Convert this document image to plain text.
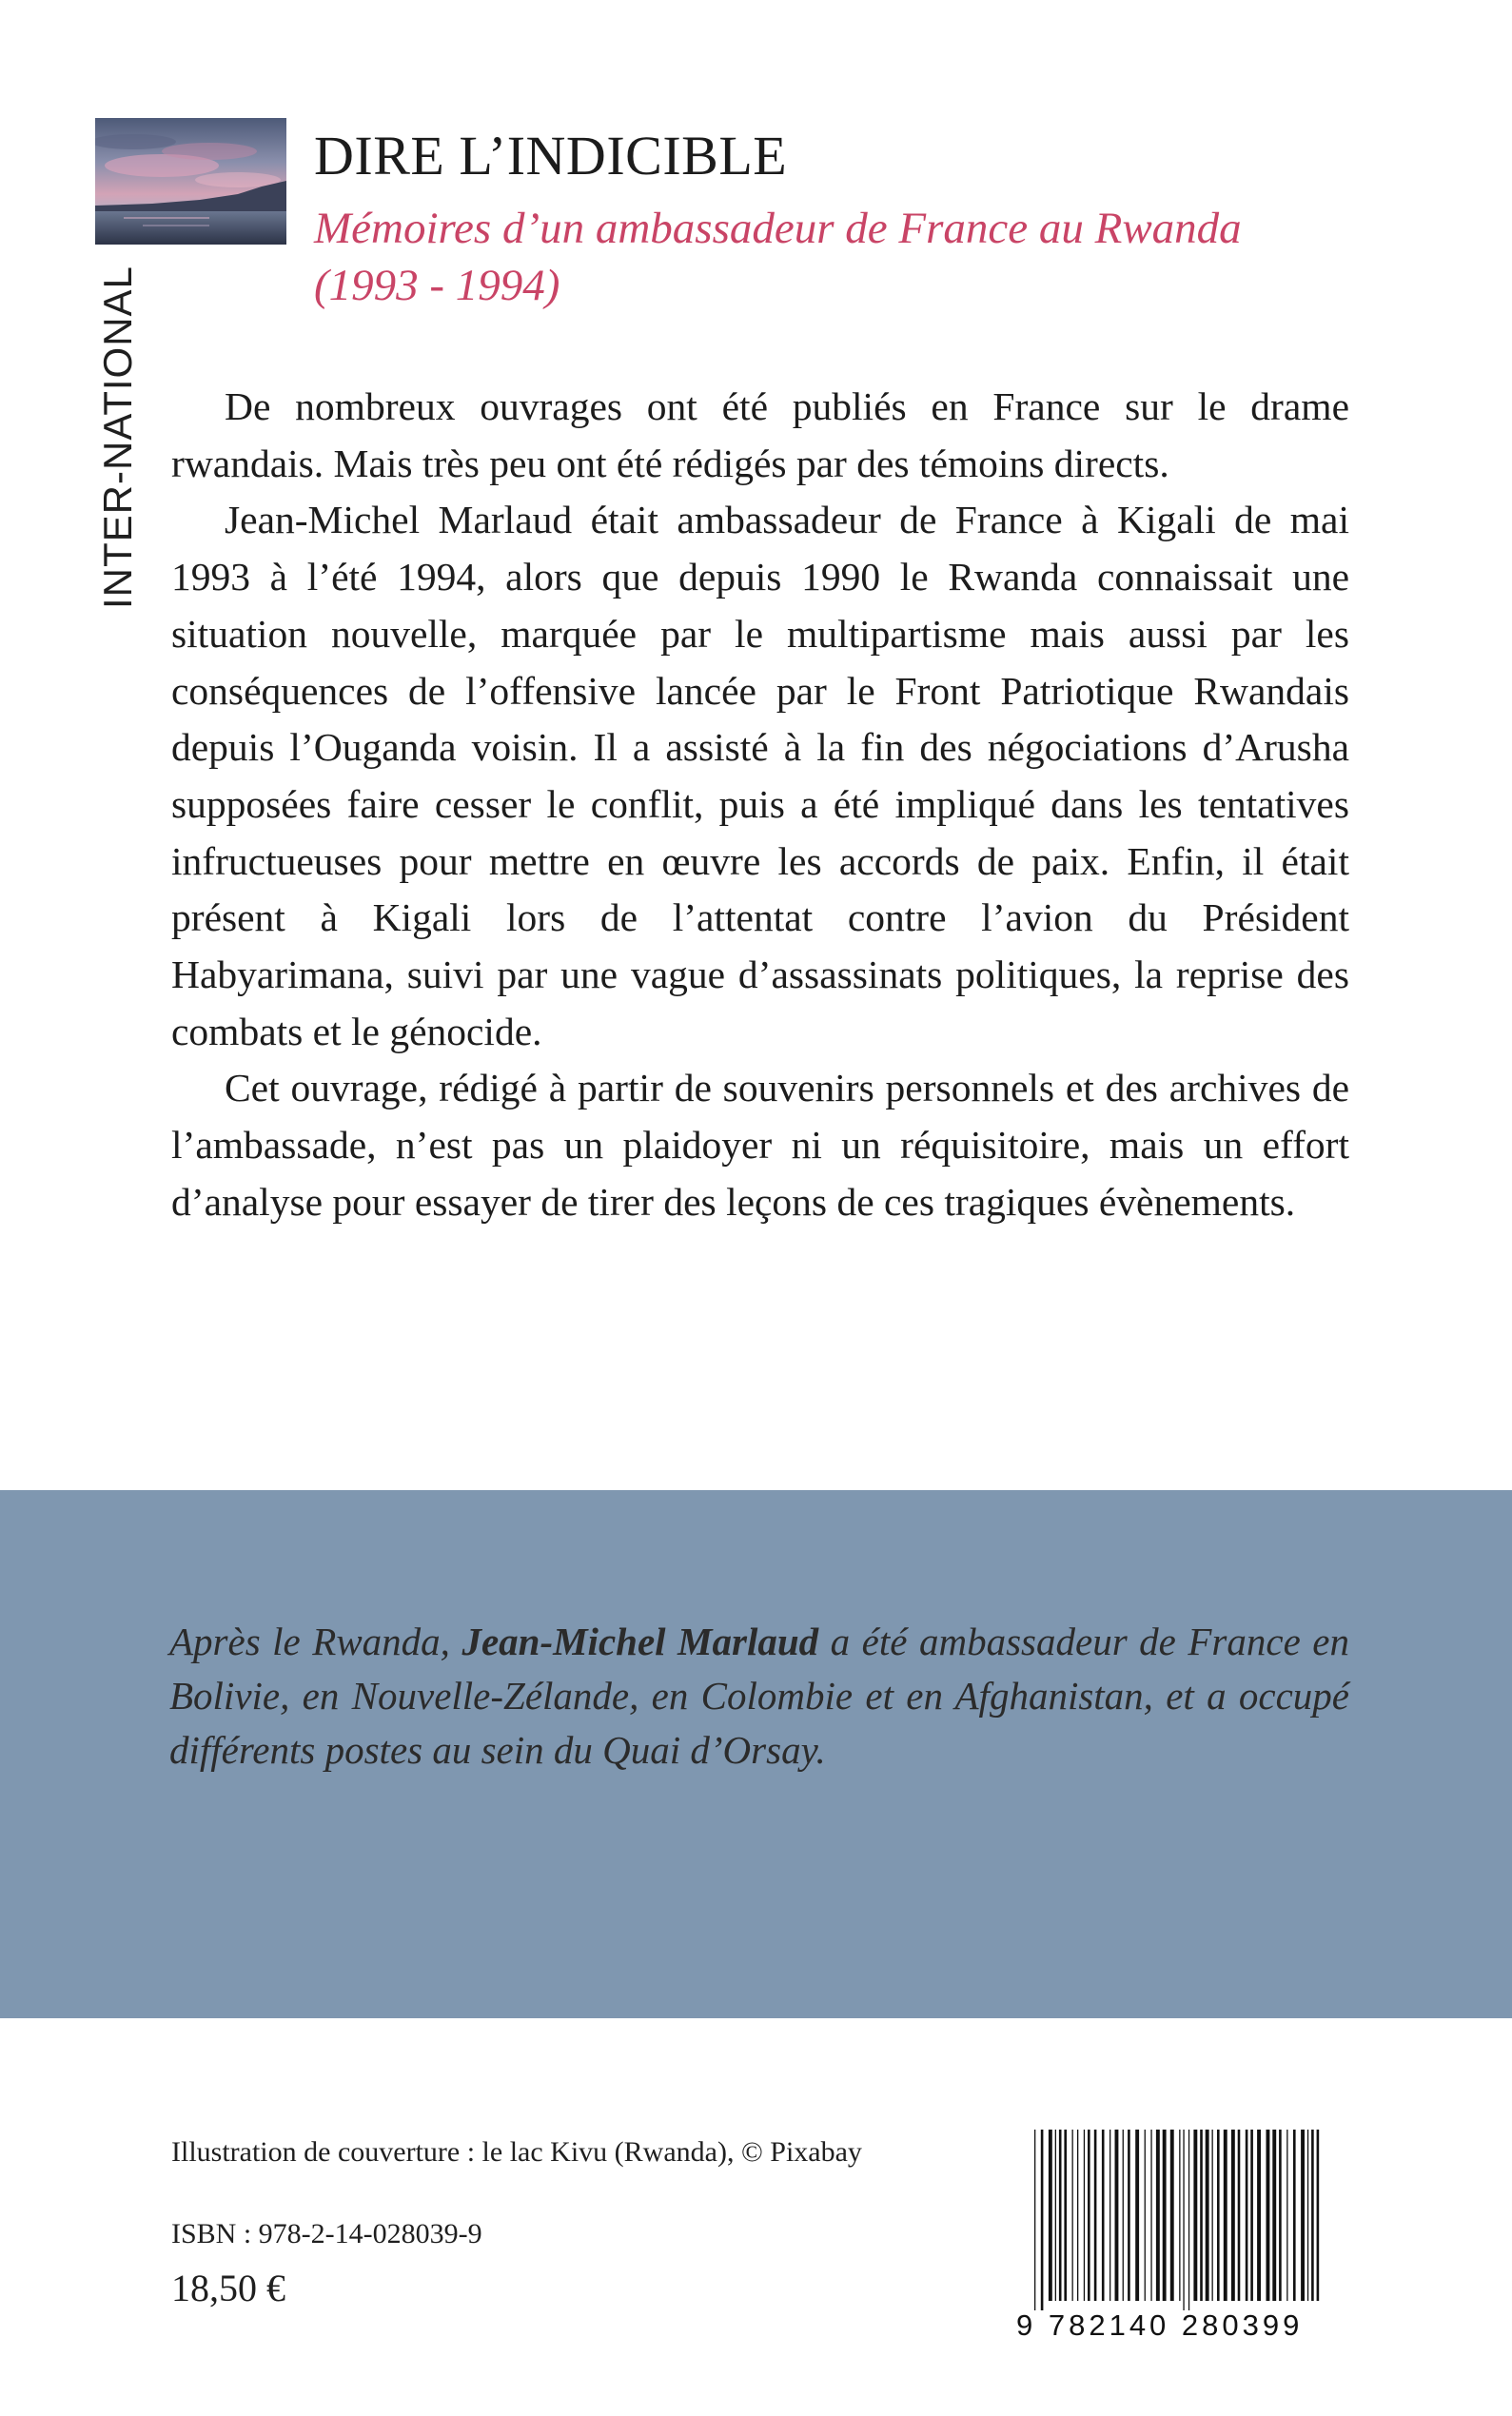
INTER-NATIONAL
DIRE L’INDICIBLE
Mémoires d’un ambassadeur de France au Rwanda
(1993 - 1994)

De nombreux ouvrages ont été publiés en France sur le drame rwandais. Mais très peu ont été rédigés par des témoins directs.

Jean-Michel Marlaud était ambassadeur de France à Kigali de mai 1993 à l’été 1994, alors que depuis 1990 le Rwanda connaissait une situation nouvelle, marquée par le multipartisme mais aussi par les conséquences de l’offensive lancée par le Front Patriotique Rwandais depuis l’Ouganda voisin. Il a assisté à la fin des négociations d’Arusha supposées faire cesser le conflit, puis a été impliqué dans les tentatives infructueuses pour mettre en œuvre les accords de paix. Enfin, il était présent à Kigali lors de l’attentat contre l’avion du Président Habyarimana, suivi par une vague d’assassinats politiques, la reprise des combats et le génocide.

Cet ouvrage, rédigé à partir de souvenirs personnels et des archives de l’ambassade, n’est pas un plaidoyer ni un réquisitoire, mais un effort d’analyse pour essayer de tirer des leçons de ces tragiques évènements.

Après le Rwanda, Jean-Michel Marlaud a été ambassadeur de France en Bolivie, en Nouvelle-Zélande, en Colombie et en Afghanistan, et a occupé différents postes au sein du Quai d’Orsay.
Illustration de couverture : le lac Kivu (Rwanda), © Pixabay
ISBN : 978-2-14-028039-9
18,50 €
9 782140 280399
